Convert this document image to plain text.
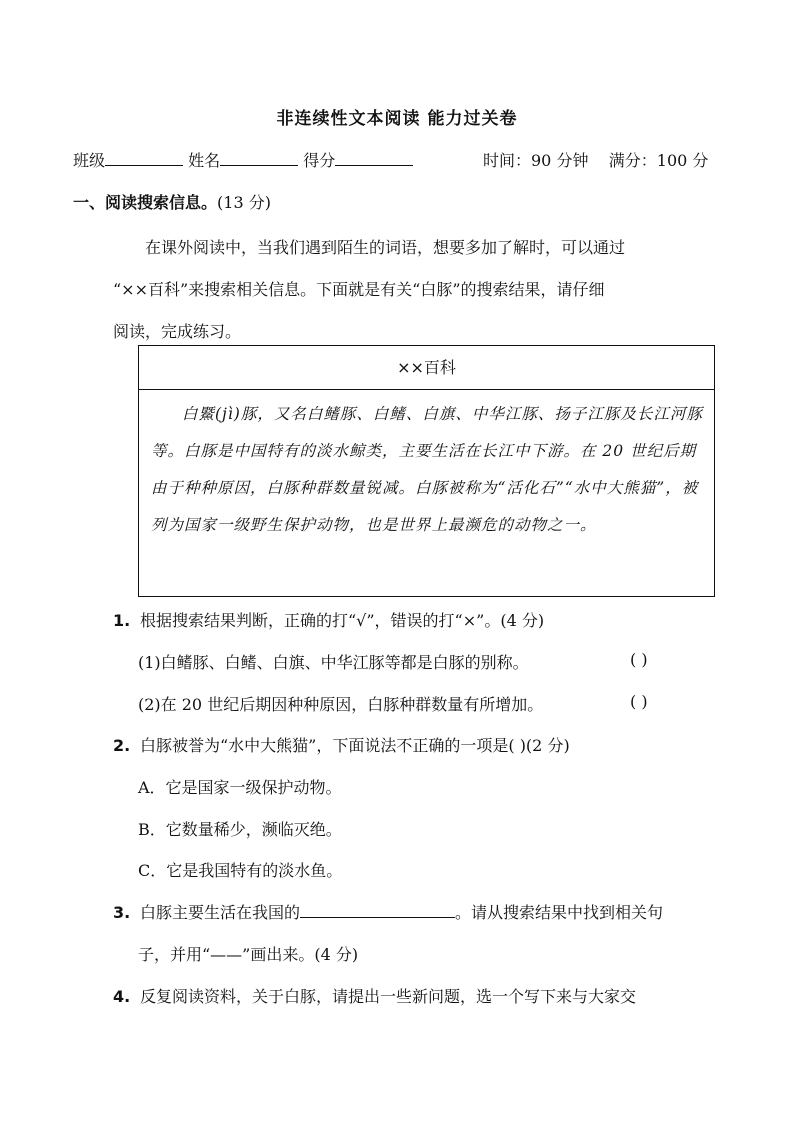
非连续性文本阅读 能力过关卷
班级	姓名	得分	时间：90 分钟 满分：100 分
一、阅读搜索信息。(13 分)

在课外阅读中，当我们遇到陌生的词语，想要多加了解时，可以通过

“××百科”来搜索相关信息。下面就是有关“白豚”的搜索结果，请仔细

阅读，完成练习。

××百科
白鱀(jì)豚，又名白鳍豚、白鳍、白旗、中华江豚、扬子江豚及长江河豚等。白豚是中国特有的淡水鲸类，主要生活在长江中下游。在 20 世纪后期由于种种原因，白豚种群数量锐减。白豚被称为“活化石”“水中大熊猫”，被列为国家一级野生保护动物，也是世界上最濒危的动物之一。
1. 根据搜索结果判断，正确的打“√”，错误的打“×”。(4 分)
(1)白鳍豚、白鳍、白旗、中华江豚等都是白豚的别称。	( )
(2)在 20 世纪后期因种种原因，白豚种群数量有所增加。	( )
2. 白豚被誉为“水中大熊猫”，下面说法不正确的一项是( )(2 分)
A．它是国家一级保护动物。
B．它数量稀少，濒临灭绝。
C．它是我国特有的淡水鱼。
3. 白豚主要生活在我国的	。请从搜索结果中找到相关句
子，并用“——”画出来。(4 分)
4. 反复阅读资料，关于白豚，请提出一些新问题，选一个写下来与大家交
